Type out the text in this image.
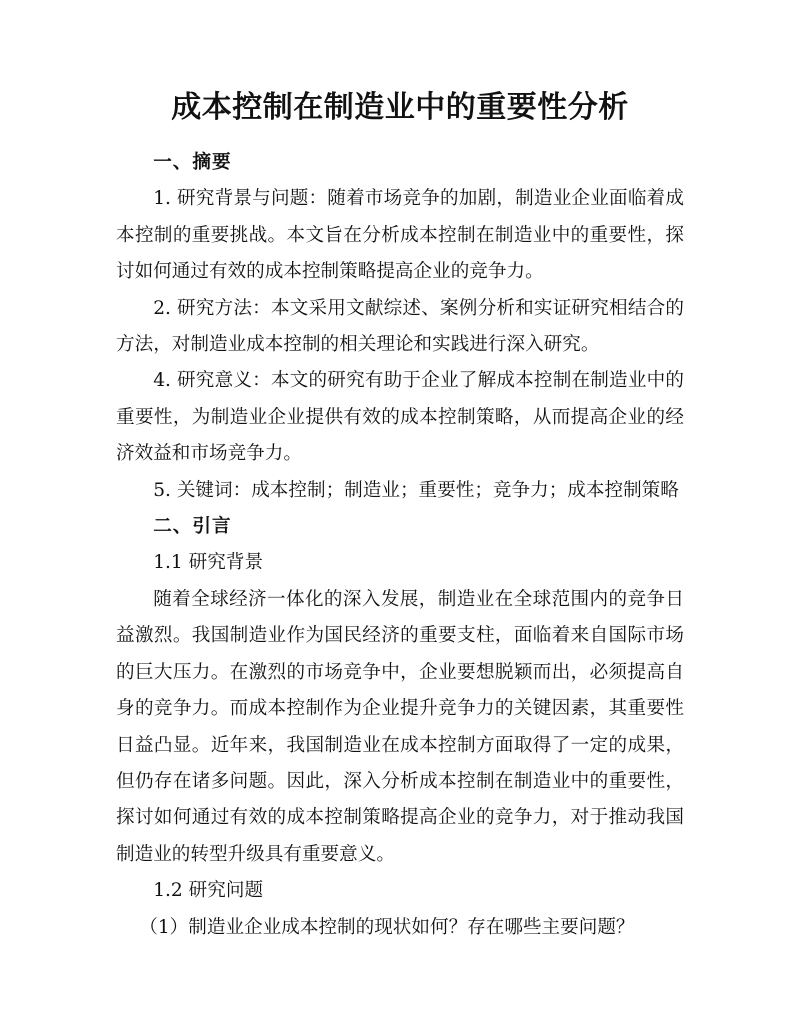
成本控制在制造业中的重要性分析

一、摘要

1. 研究背景与问题：随着市场竞争的加剧，制造业企业面临着成本控制的重要挑战。本文旨在分析成本控制在制造业中的重要性，探讨如何通过有效的成本控制策略提高企业的竞争力。

2. 研究方法：本文采用文献综述、案例分析和实证研究相结合的方法，对制造业成本控制的相关理论和实践进行深入研究。

4. 研究意义：本文的研究有助于企业了解成本控制在制造业中的重要性，为制造业企业提供有效的成本控制策略，从而提高企业的经济效益和市场竞争力。

5. 关键词：成本控制；制造业；重要性；竞争力；成本控制策略

二、引言

1.1 研究背景

随着全球经济一体化的深入发展，制造业在全球范围内的竞争日益激烈。我国制造业作为国民经济的重要支柱，面临着来自国际市场的巨大压力。在激烈的市场竞争中，企业要想脱颖而出，必须提高自身的竞争力。而成本控制作为企业提升竞争力的关键因素，其重要性日益凸显。近年来，我国制造业在成本控制方面取得了一定的成果，但仍存在诸多问题。因此，深入分析成本控制在制造业中的重要性，探讨如何通过有效的成本控制策略提高企业的竞争力，对于推动我国制造业的转型升级具有重要意义。

1.2 研究问题

（1）制造业企业成本控制的现状如何？存在哪些主要问题？
